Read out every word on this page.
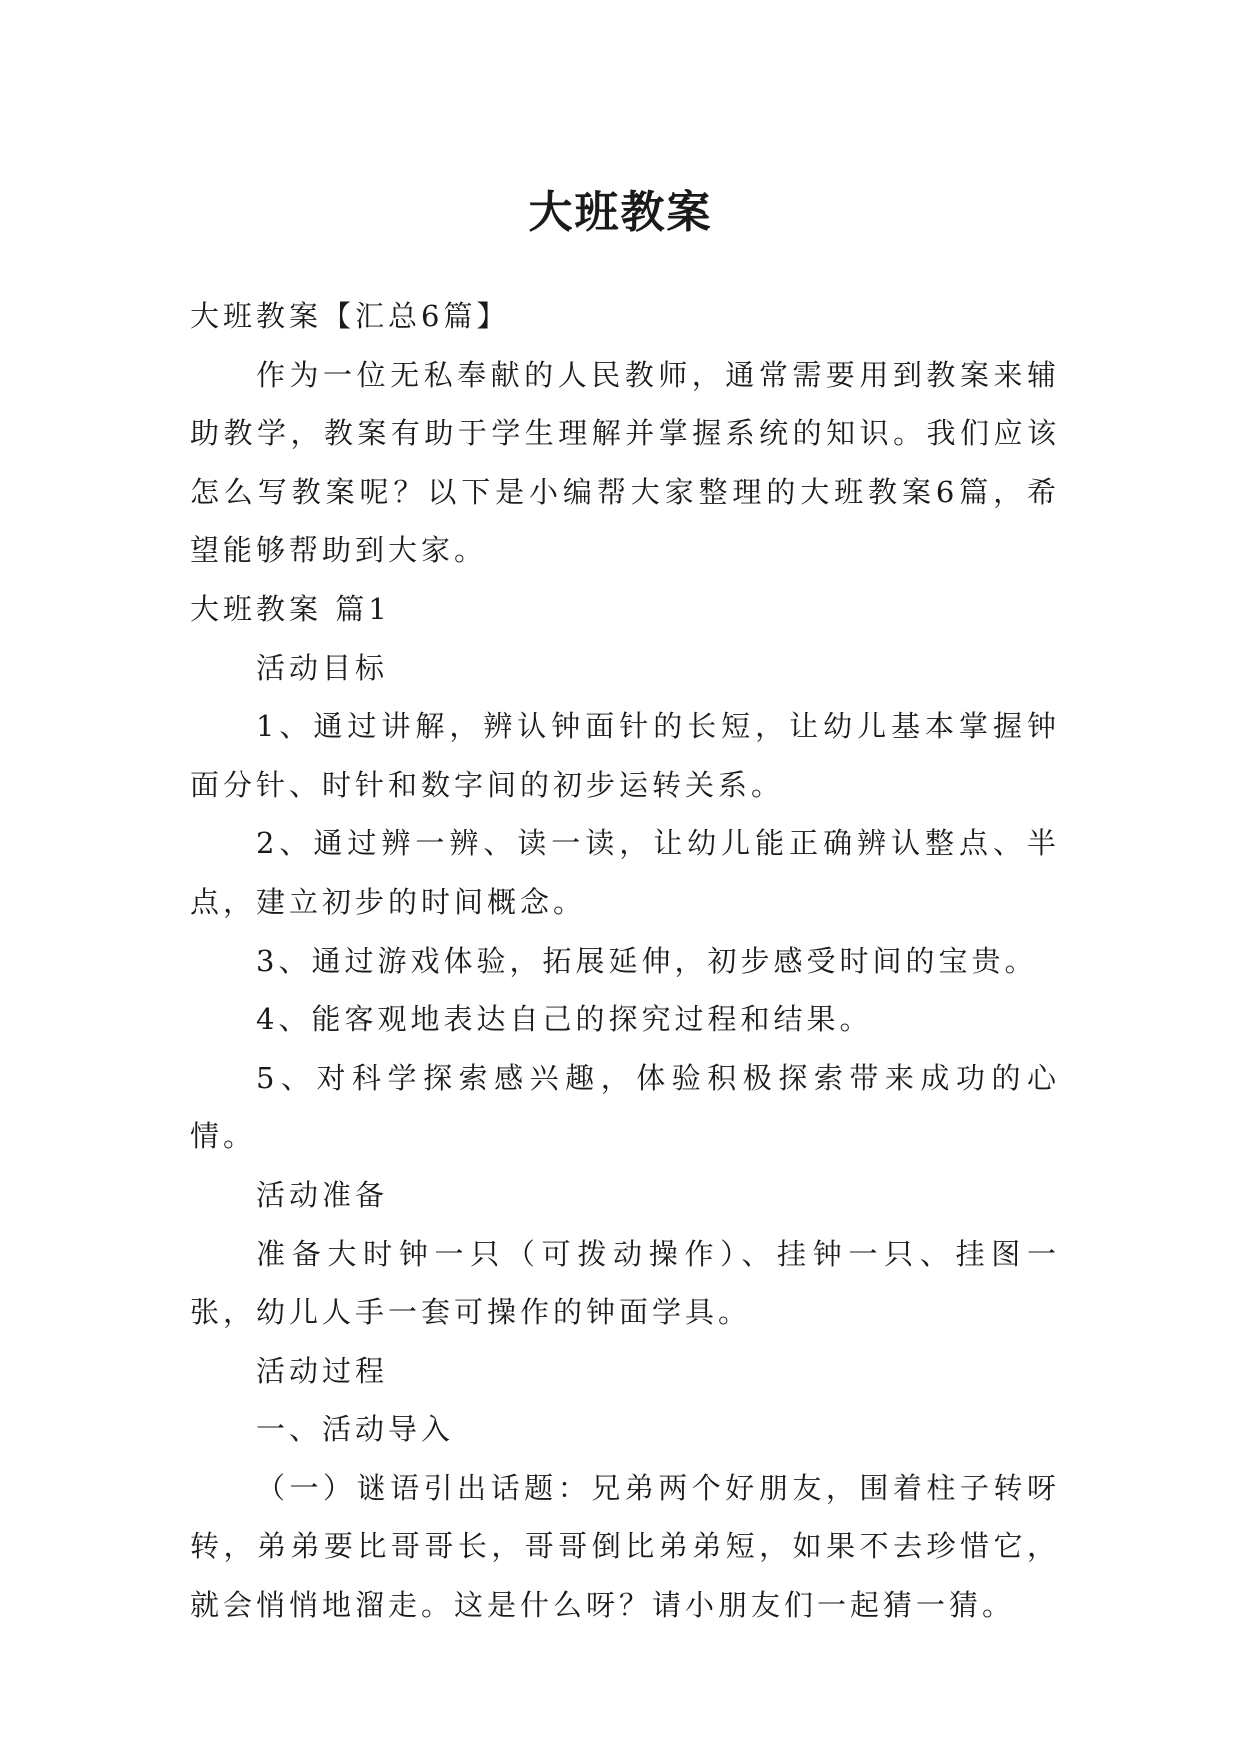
大班教案

大班教案【汇总6篇】

作为一位无私奉献的人民教师，通常需要用到教案来辅助教学，教案有助于学生理解并掌握系统的知识。我们应该怎么写教案呢？以下是小编帮大家整理的大班教案6篇，希望能够帮助到大家。

大班教案 篇1

活动目标

1、通过讲解，辨认钟面针的长短，让幼儿基本掌握钟面分针、时针和数字间的初步运转关系。

2、通过辨一辨、读一读，让幼儿能正确辨认整点、半点，建立初步的时间概念。

3、通过游戏体验，拓展延伸，初步感受时间的宝贵。

4、能客观地表达自己的探究过程和结果。

5、对科学探索感兴趣，体验积极探索带来成功的心情。

活动准备

准备大时钟一只（可拨动操作）、挂钟一只、挂图一张，幼儿人手一套可操作的钟面学具。

活动过程

一、活动导入

（一）谜语引出话题：兄弟两个好朋友，围着柱子转呀转，弟弟要比哥哥长，哥哥倒比弟弟短，如果不去珍惜它，就会悄悄地溜走。这是什么呀？请小朋友们一起猜一猜。
